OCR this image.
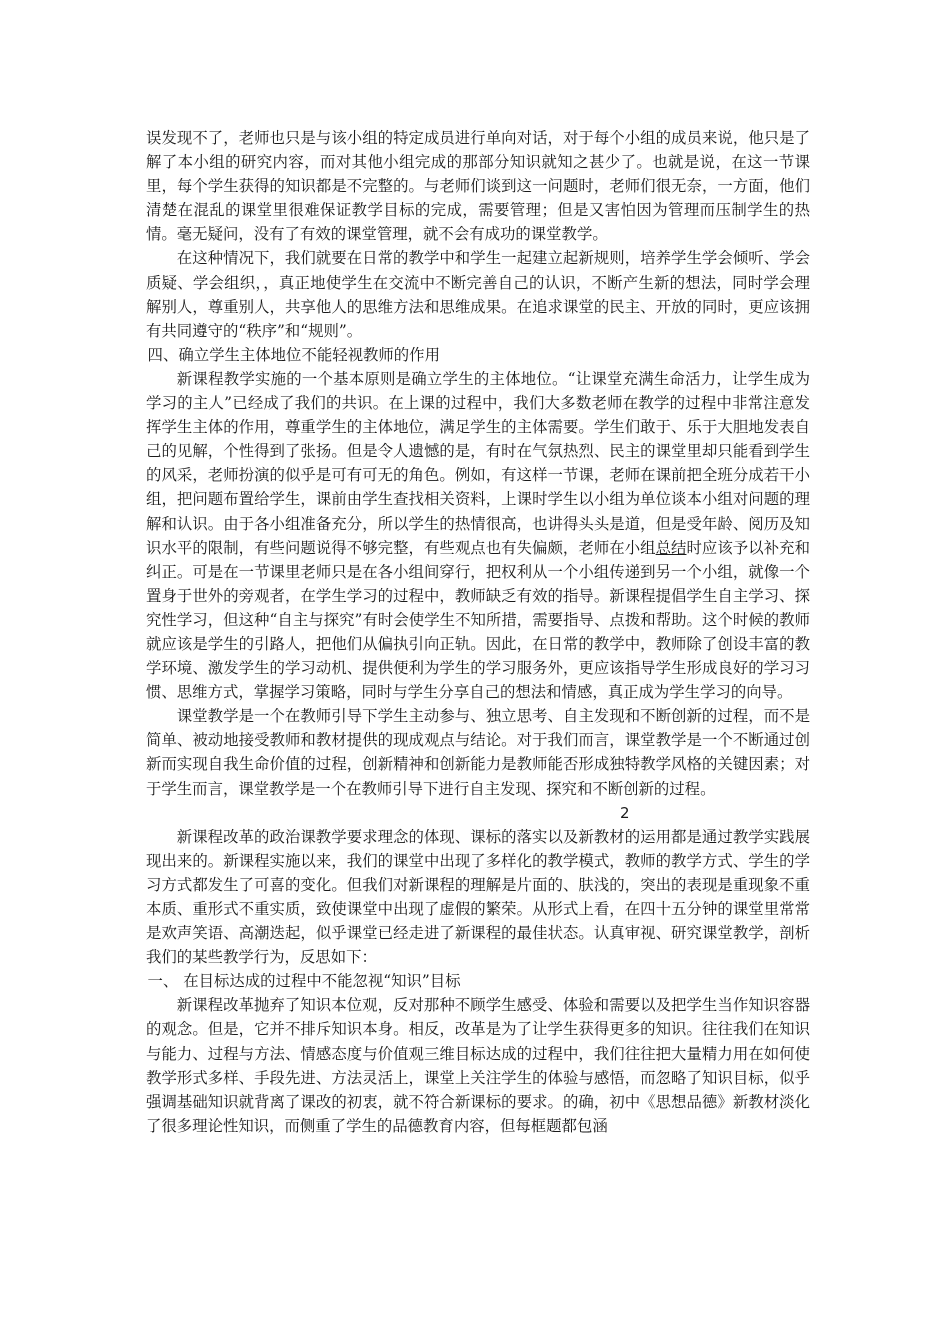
误发现不了，老师也只是与该小组的特定成员进行单向对话，对于每个小组的成员来说，他只是了解了本小组的研究内容，而对其他小组完成的那部分知识就知之甚少了。也就是说，在这一节课里，每个学生获得的知识都是不完整的。与老师们谈到这一问题时，老师们很无奈，一方面，他们清楚在混乱的课堂里很难保证教学目标的完成，需要管理；但是又害怕因为管理而压制学生的热情。毫无疑问，没有了有效的课堂管理，就不会有成功的课堂教学。

在这种情况下，我们就要在日常的教学中和学生一起建立起新规则，培养学生学会倾听、学会质疑、学会组织，，真正地使学生在交流中不断完善自己的认识，不断产生新的想法，同时学会理解别人，尊重别人，共享他人的思维方法和思维成果。在追求课堂的民主、开放的同时，更应该拥有共同遵守的“秩序”和“规则”。

四、确立学生主体地位不能轻视教师的作用

新课程教学实施的一个基本原则是确立学生的主体地位。“让课堂充满生命活力，让学生成为学习的主人”已经成了我们的共识。在上课的过程中，我们大多数老师在教学的过程中非常注意发挥学生主体的作用，尊重学生的主体地位，满足学生的主体需要。学生们敢于、乐于大胆地发表自己的见解，个性得到了张扬。但是令人遗憾的是，有时在气氛热烈、民主的课堂里却只能看到学生的风采，老师扮演的似乎是可有可无的角色。例如，有这样一节课，老师在课前把全班分成若干小组，把问题布置给学生，课前由学生查找相关资料，上课时学生以小组为单位谈本小组对问题的理解和认识。由于各小组准备充分，所以学生的热情很高，也讲得头头是道，但是受年龄、阅历及知识水平的限制，有些问题说得不够完整，有些观点也有失偏颇，老师在小组总结时应该予以补充和纠正。可是在一节课里老师只是在各小组间穿行，把权利从一个小组传递到另一个小组，就像一个置身于世外的旁观者，在学生学习的过程中，教师缺乏有效的指导。新课程提倡学生自主学习、探究性学习，但这种“自主与探究”有时会使学生不知所措，需要指导、点拨和帮助。这个时候的教师就应该是学生的引路人，把他们从偏执引向正轨。因此，在日常的教学中，教师除了创设丰富的教学环境、激发学生的学习动机、提供便利为学生的学习服务外，更应该指导学生形成良好的学习习惯、思维方式，掌握学习策略，同时与学生分享自己的想法和情感，真正成为学生学习的向导。

课堂教学是一个在教师引导下学生主动参与、独立思考、自主发现和不断创新的过程，而不是简单、被动地接受教师和教材提供的现成观点与结论。对于我们而言，课堂教学是一个不断通过创新而实现自我生命价值的过程，创新精神和创新能力是教师能否形成独特教学风格的关键因素；对于学生而言，课堂教学是一个在教师引导下进行自主发现、探究和不断创新的过程。

2

新课程改革的政治课教学要求理念的体现、课标的落实以及新教材的运用都是通过教学实践展现出来的。新课程实施以来，我们的课堂中出现了多样化的教学模式，教师的教学方式、学生的学习方式都发生了可喜的变化。但我们对新课程的理解是片面的、肤浅的，突出的表现是重现象不重本质、重形式不重实质，致使课堂中出现了虚假的繁荣。从形式上看，在四十五分钟的课堂里常常是欢声笑语、高潮迭起，似乎课堂已经走进了新课程的最佳状态。认真审视、研究课堂教学，剖析我们的某些教学行为，反思如下：

一、 在目标达成的过程中不能忽视“知识”目标

新课程改革抛弃了知识本位观，反对那种不顾学生感受、体验和需要以及把学生当作知识容器的观念。但是，它并不排斥知识本身。相反，改革是为了让学生获得更多的知识。往往我们在知识与能力、过程与方法、情感态度与价值观三维目标达成的过程中，我们往往把大量精力用在如何使教学形式多样、手段先进、方法灵活上，课堂上关注学生的体验与感悟，而忽略了知识目标，似乎强调基础知识就背离了课改的初衷，就不符合新课标的要求。的确，初中《思想品德》新教材淡化了很多理论性知识，而侧重了学生的品德教育内容，但每框题都包涵
